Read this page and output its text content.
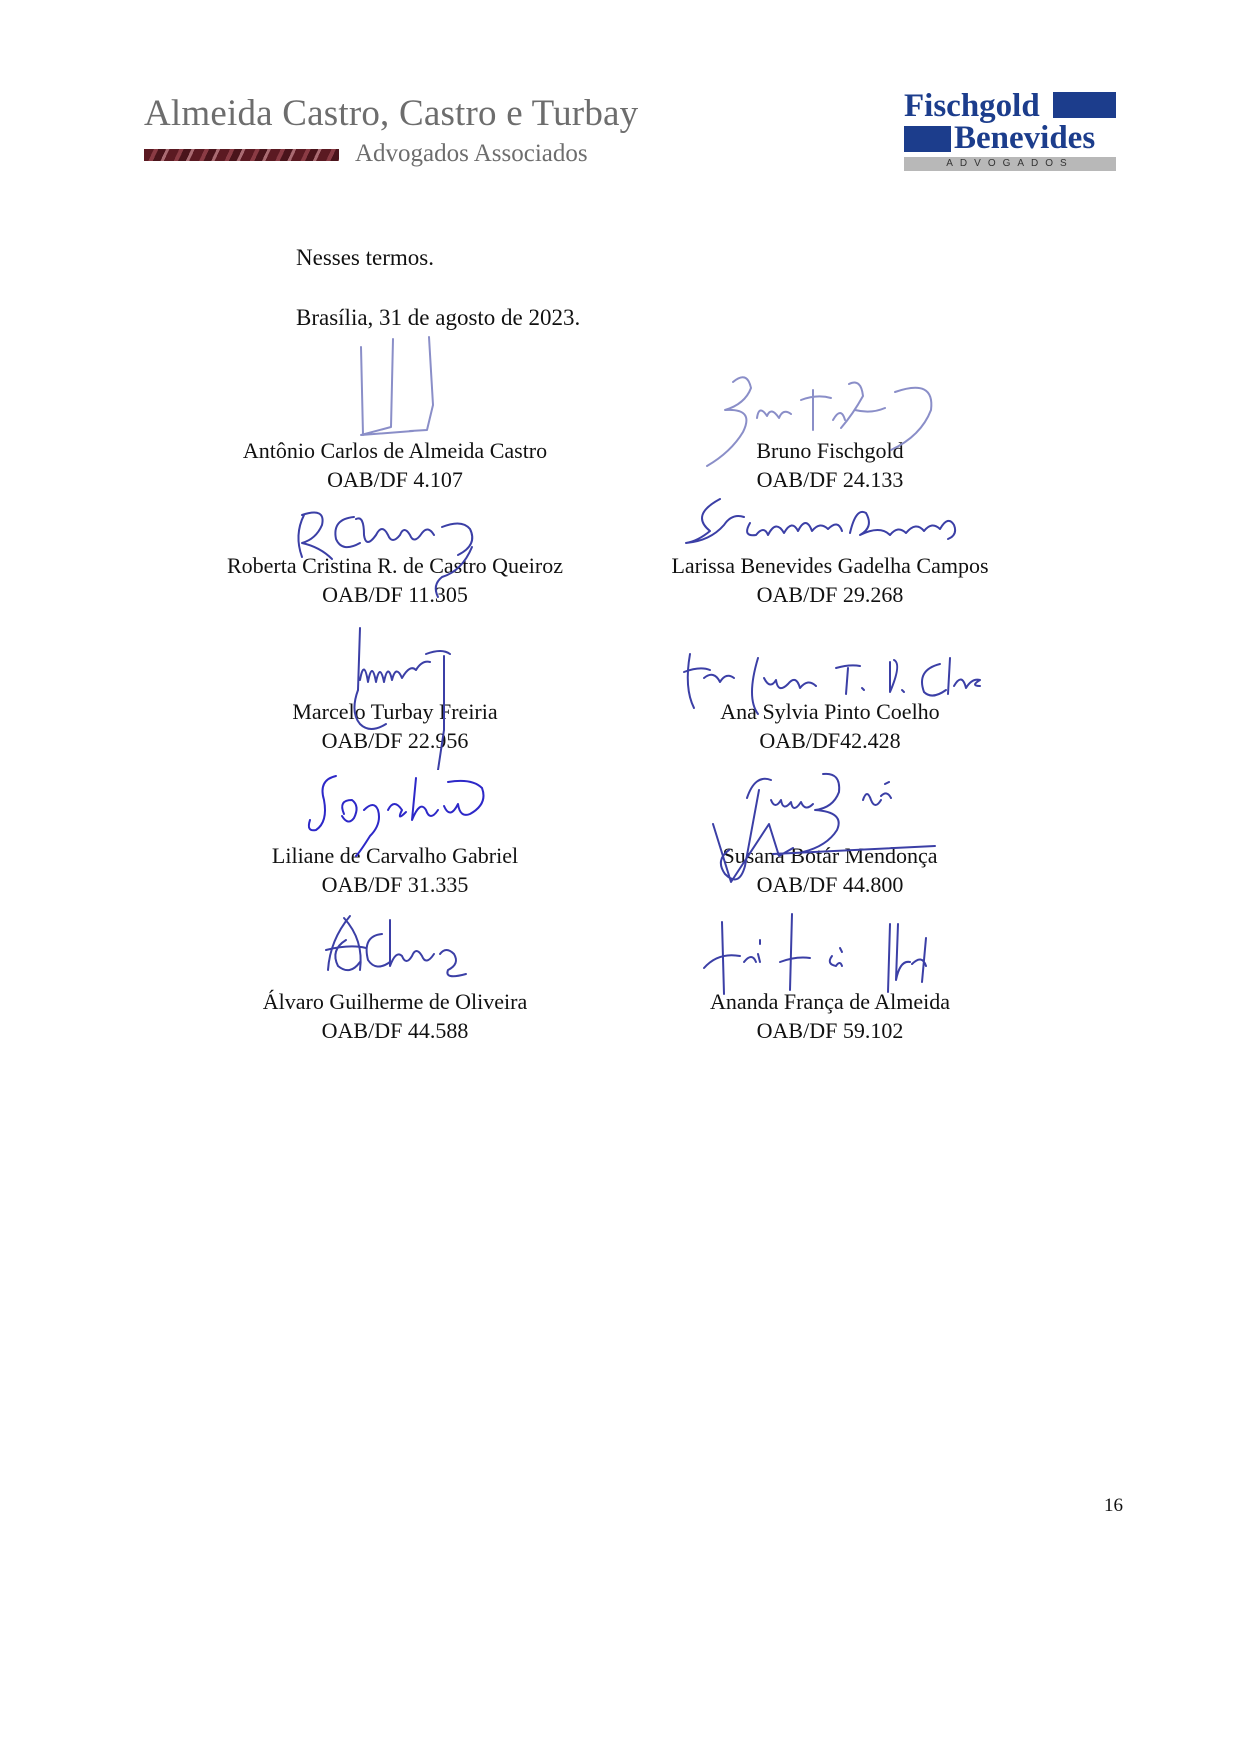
Almeida Castro, Castro e Turbay
Advogados Associados
Fischgold
Benevides
ADVOGADOS
Nesses termos.
Brasília, 31 de agosto de 2023.
Antônio Carlos de Almeida Castro
OAB/DF 4.107
Bruno Fischgold
OAB/DF 24.133
Roberta Cristina R. de Castro Queiroz
OAB/DF 11.305
Larissa Benevides Gadelha Campos
OAB/DF 29.268
Marcelo Turbay Freiria
OAB/DF 22.956
Ana Sylvia Pinto Coelho
OAB/DF42.428
Liliane de Carvalho Gabriel
OAB/DF 31.335
Susana Botár Mendonça
OAB/DF 44.800
Álvaro Guilherme de Oliveira
OAB/DF 44.588
Ananda França de Almeida
OAB/DF 59.102
16
